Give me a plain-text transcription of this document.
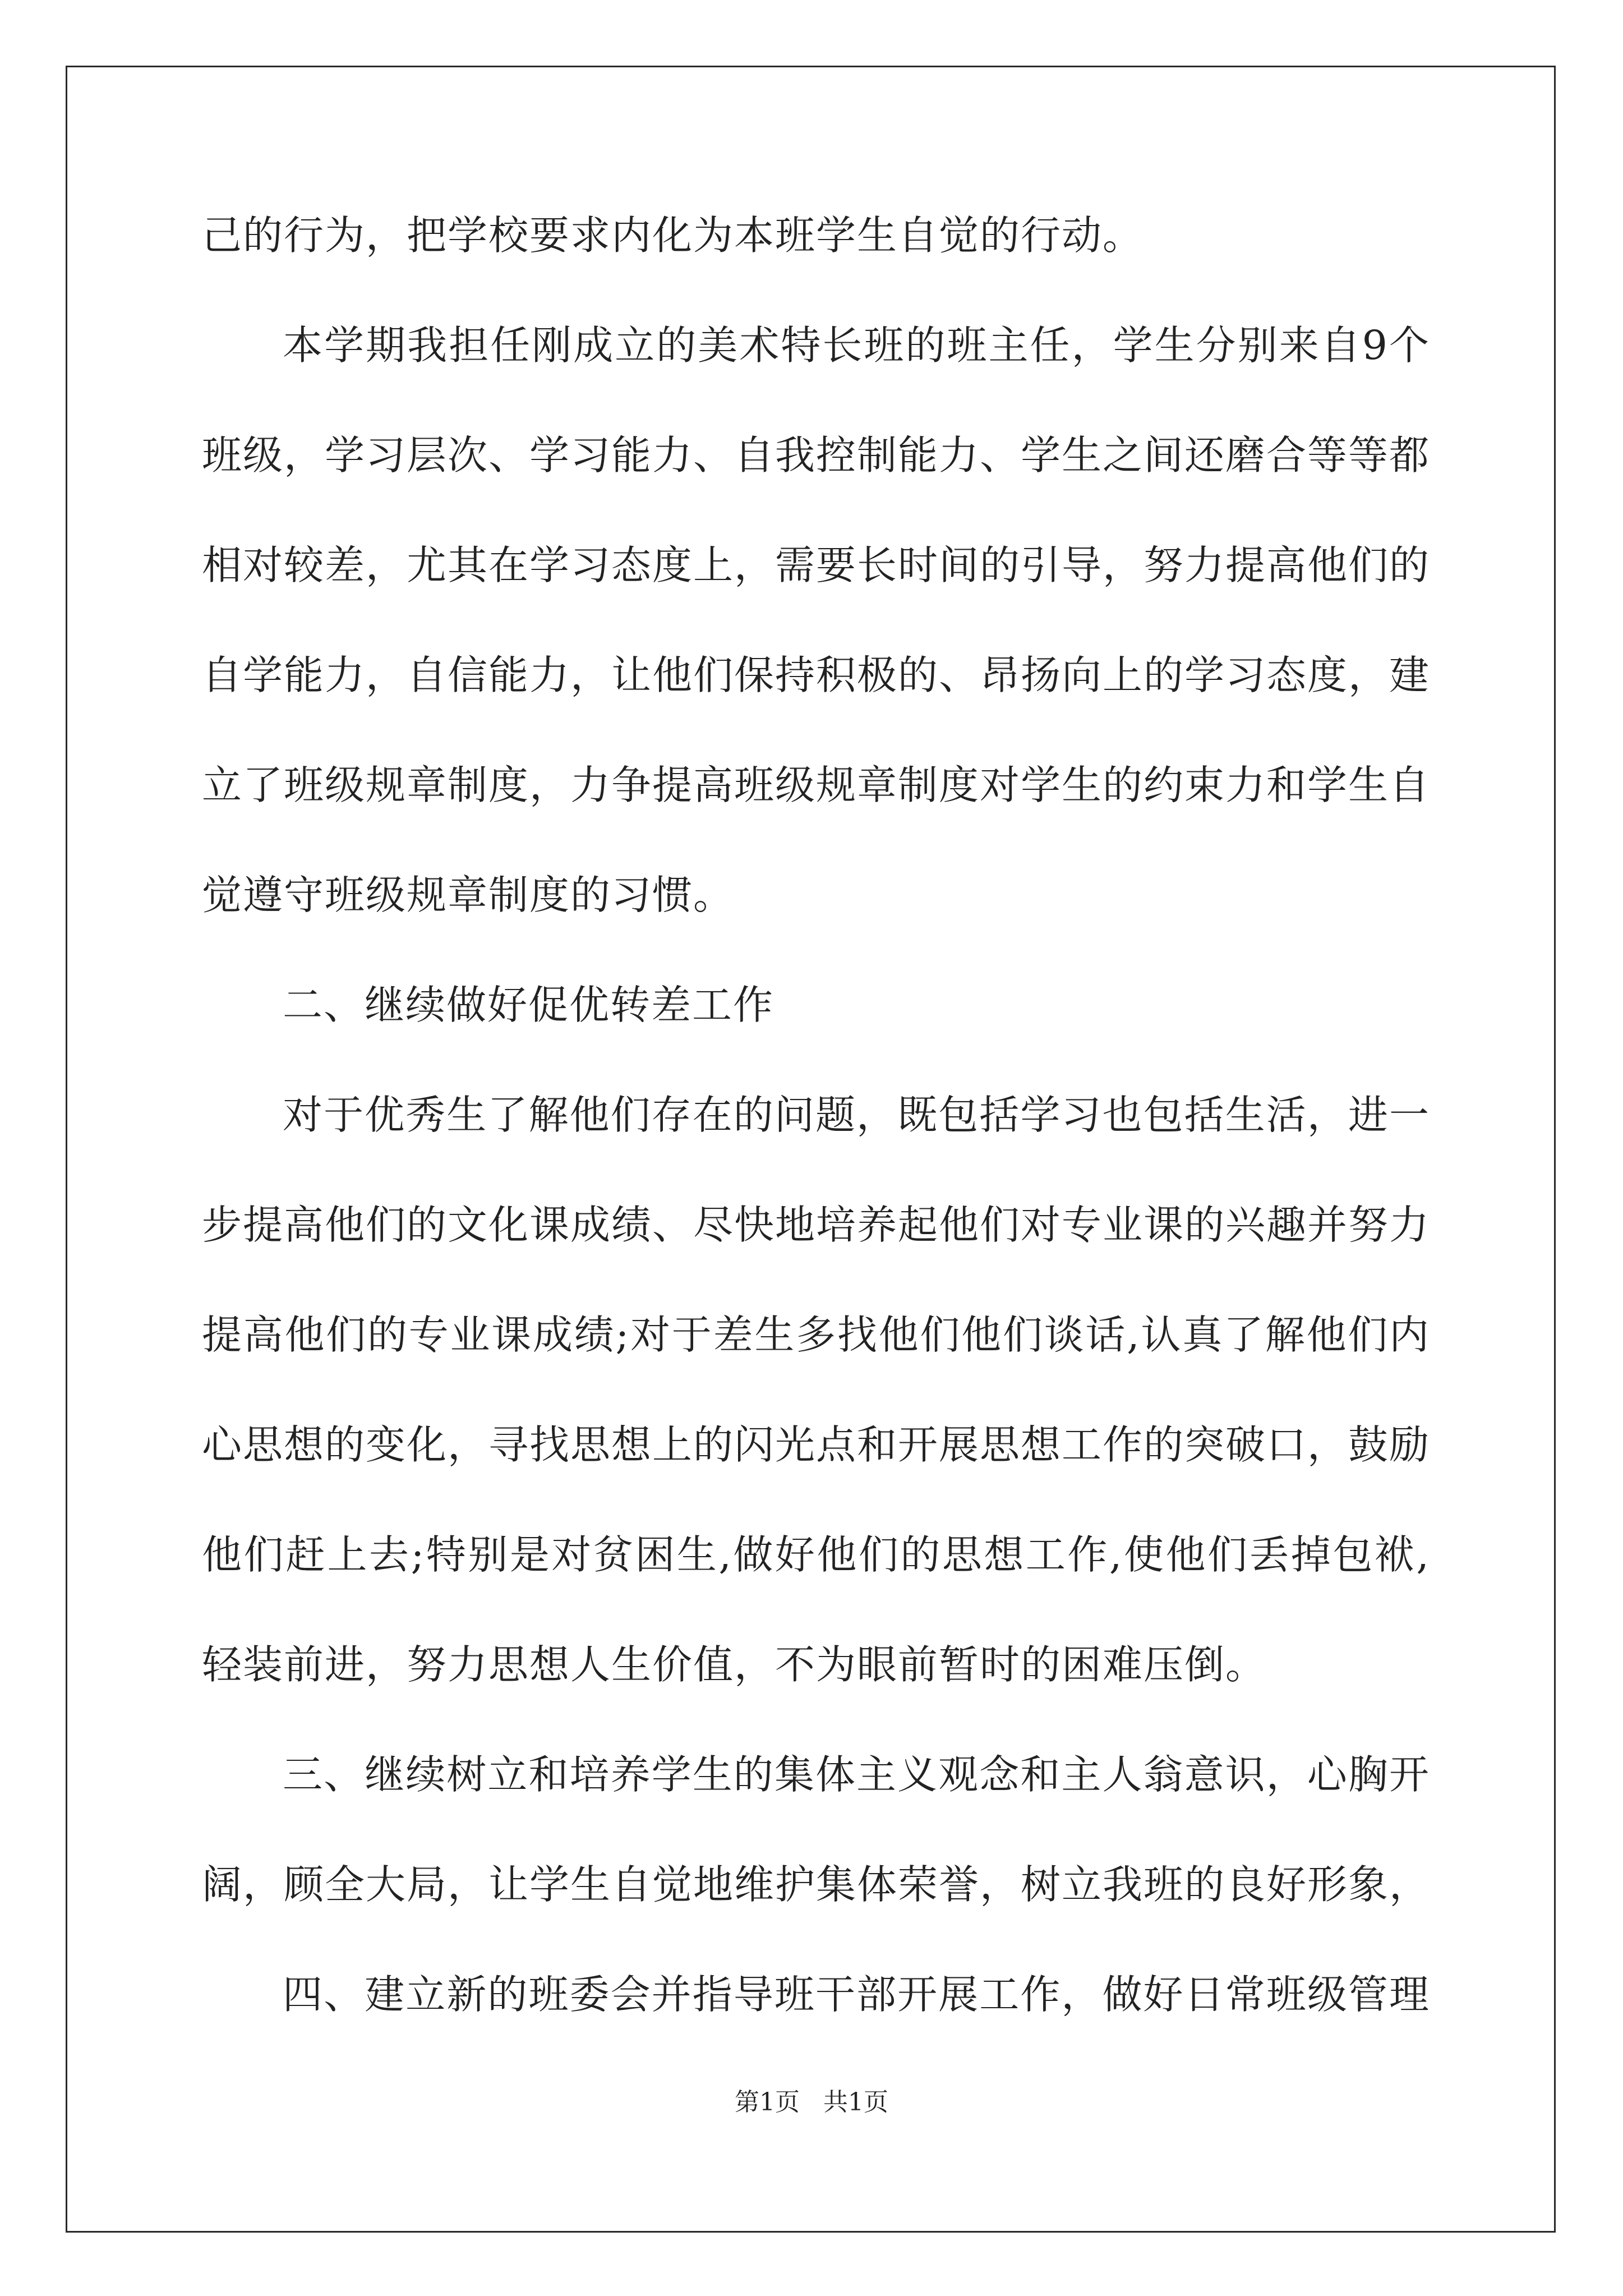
己的行为，把学校要求内化为本班学生自觉的行动。
本学期我担任刚成立的美术特长班的班主任，学生分别来自9个
班级，学习层次、学习能力、自我控制能力、学生之间还磨合等等都
相对较差，尤其在学习态度上，需要长时间的引导，努力提高他们的
自学能力，自信能力，让他们保持积极的、昂扬向上的学习态度，建
立了班级规章制度，力争提高班级规章制度对学生的约束力和学生自
觉遵守班级规章制度的习惯。
二、继续做好促优转差工作
对于优秀生了解他们存在的问题，既包括学习也包括生活，进一
步提高他们的文化课成绩、尽快地培养起他们对专业课的兴趣并努力
提高他们的专业课成绩;对于差生多找他们他们谈话,认真了解他们内
心思想的变化，寻找思想上的闪光点和开展思想工作的突破口，鼓励
他们赶上去;特别是对贫困生,做好他们的思想工作,使他们丢掉包袱,
轻装前进，努力思想人生价值，不为眼前暂时的困难压倒。
三、继续树立和培养学生的集体主义观念和主人翁意识，心胸开
阔，顾全大局，让学生自觉地维护集体荣誉，树立我班的良好形象，
四、建立新的班委会并指导班干部开展工作，做好日常班级管理
第1页   共1页
